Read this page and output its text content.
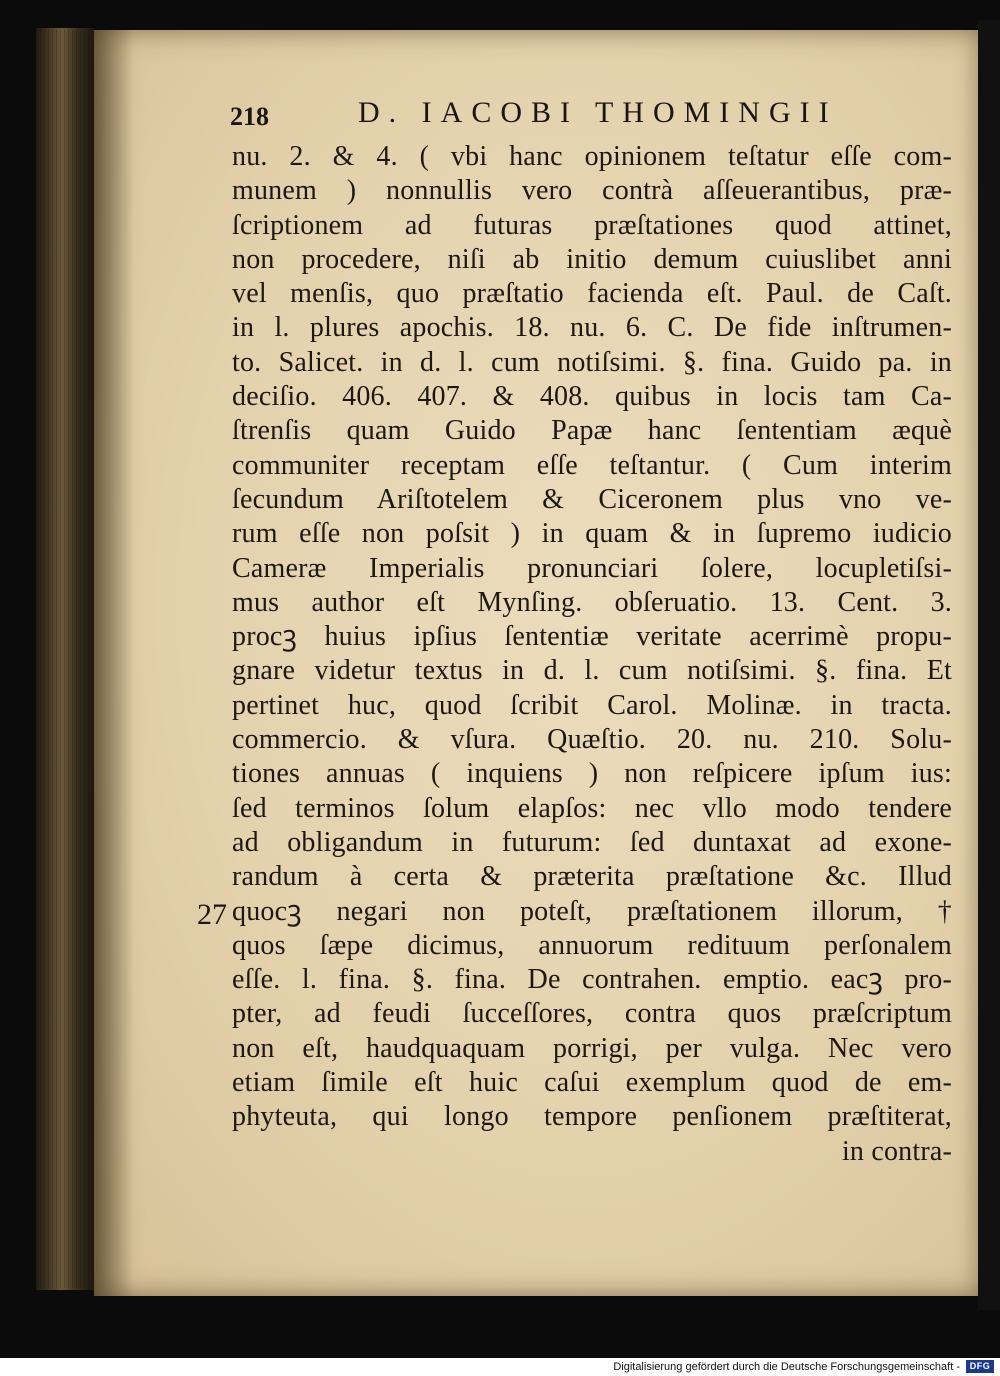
218	D. IACOBI THOMINGII
27
nu. 2. & 4. ( vbi hanc opinionem teſtatur eſſe com-
munem ) nonnullis vero contrà aſſeuerantibus, præ-
ſcriptionem ad futuras præſtationes quod attinet,
non procedere, niſi ab initio demum cuiuslibet anni
vel menſis, quo præſtatio facienda eſt. Paul. de Caſt.
in l. plures apochis. 18. nu. 6. C. De fide inſtrumen-
to. Salicet. in d. l. cum notiſsimi. §. fina. Guido pa. in
deciſio. 406. 407. & 408. quibus in locis tam Ca-
ſtrenſis quam Guido Papæ hanc ſententiam æquè
communiter receptam eſſe teſtantur. ( Cum interim
ſecundum Ariſtotelem & Ciceronem plus vno ve-
rum eſſe non poſsit ) in quam & in ſupremo iudicio
Cameræ Imperialis pronunciari ſolere, locupletiſsi-
mus author eſt Mynſing. obſeruatio. 13. Cent. 3.
procꝫ huius ipſius ſententiæ veritate acerrimè propu-
gnare videtur textus in d. l. cum notiſsimi. §. fina. Et
pertinet huc, quod ſcribit Carol. Molinæ. in tracta.
commercio. & vſura. Quæſtio. 20. nu. 210. Solu-
tiones annuas ( inquiens ) non reſpicere ipſum ius:
ſed terminos ſolum elapſos: nec vllo modo tendere
ad obligandum in futurum: ſed duntaxat ad exone-
randum à certa & præterita præſtatione &c. Illud
quocꝫ negari non poteſt, præſtationem illorum, †
quos ſæpe dicimus, annuorum redituum perſonalem
eſſe. l. fina. §. fina. De contrahen. emptio. eacꝫ pro-
pter, ad feudi ſucceſſores, contra quos præſcriptum
non eſt, haudquaquam porrigi, per vulga. Nec vero
etiam ſimile eſt huic caſui exemplum quod de em-
phyteuta, qui longo tempore penſionem præſtiterat,
in contra-
Digitalisierung gefördert durch die Deutsche Forschungsgemeinschaft -	DFG
